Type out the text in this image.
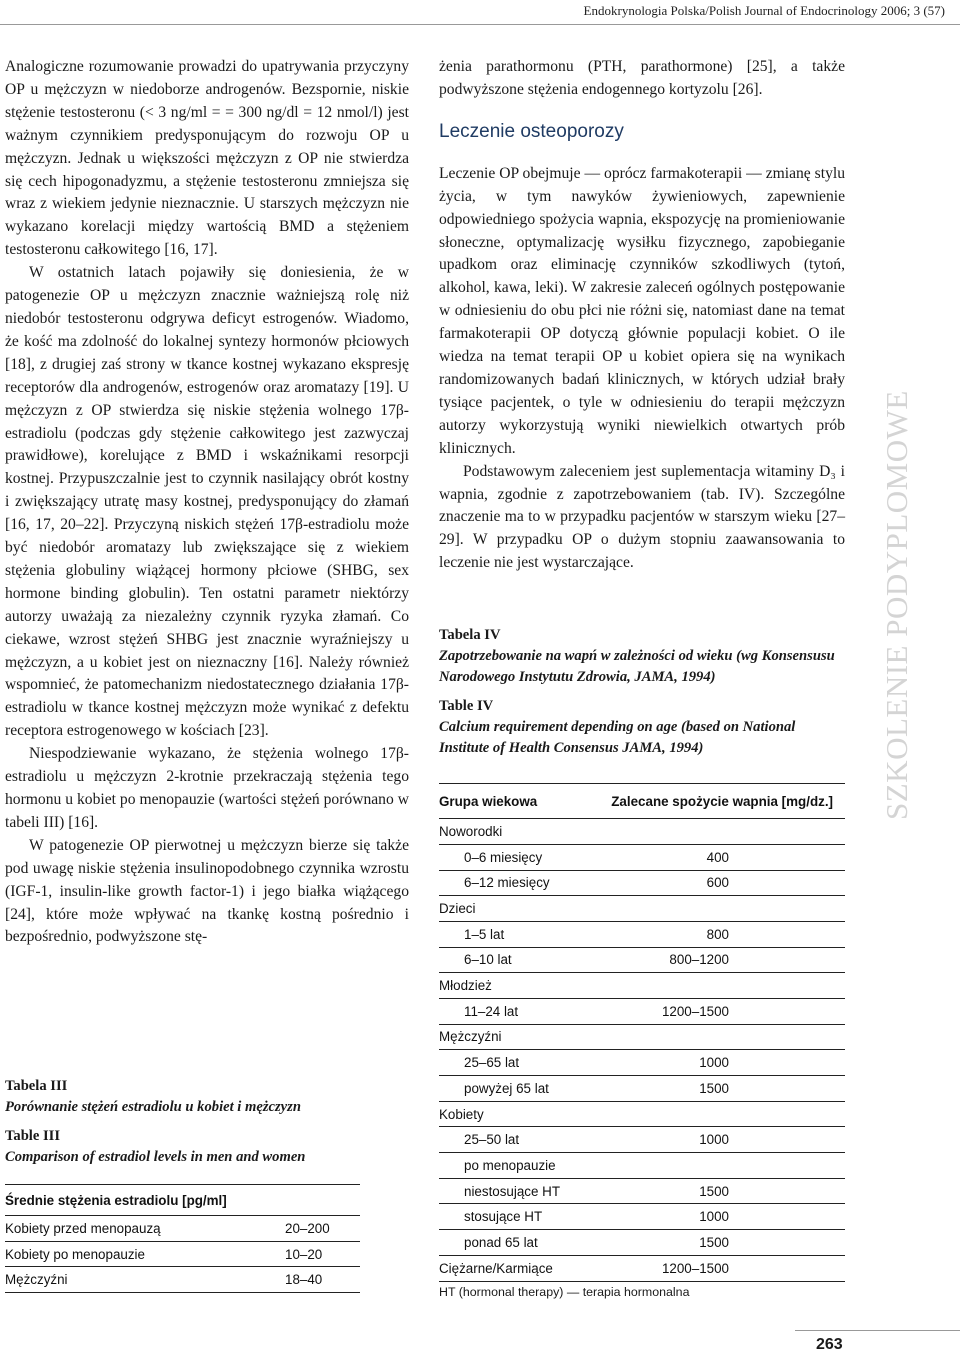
Endokrynologia Polska/Polish Journal of Endocrinology 2006; 3 (57)

Analogiczne rozumowanie prowadzi do upatrywania przyczyny OP u mężczyzn w niedoborze androgenów. Bezspornie, niskie stężenie testosteronu (< 3 ng/ml = = 300 ng/dl = 12 nmol/l) jest ważnym czynnikiem predysponującym do rozwoju OP u mężczyzn. Jednak u większości mężczyzn z OP nie stwierdza się cech hipogonadyzmu, a stężenie testosteronu zmniejsza się wraz z wiekiem jedynie nieznacznie. U starszych mężczyzn nie wykazano korelacji między wartością BMD a stężeniem testosteronu całkowitego [16, 17].

W ostatnich latach pojawiły się doniesienia, że w patogenezie OP u mężczyzn znacznie ważniejszą rolę niż niedobór testosteronu odgrywa deficyt estrogenów. Wiadomo, że kość ma zdolność do lokalnej syntezy hormonów płciowych [18], z drugiej zaś strony w tkance kostnej wykazano ekspresję receptorów dla androgenów, estrogenów oraz aromatazy [19]. U mężczyzn z OP stwierdza się niskie stężenia wolnego 17β-estradiolu (podczas gdy stężenie całkowitego jest zazwyczaj prawidłowe), korelujące z BMD i wskaźnikami resorpcji kostnej. Przypuszczalnie jest to czynnik nasilający obrót kostny i zwiększający utratę masy kostnej, predysponujący do złamań [16, 17, 20–22]. Przyczyną niskich stężeń 17β-estradiolu może być niedobór aromatazy lub zwiększające się z wiekiem stężenia globuliny wiążącej hormony płciowe (SHBG, sex hormone binding globulin). Ten ostatni parametr niektórzy autorzy uważają za niezależny czynnik ryzyka złamań. Co ciekawe, wzrost stężeń SHBG jest znacznie wyraźniejszy u mężczyzn, a u kobiet jest on nieznaczny [16]. Należy również wspomnieć, że patomechanizm niedostatecznego działania 17β-estradiolu w tkance kostnej mężczyzn może wynikać z defektu receptora estrogenowego w kościach [23].

Niespodziewanie wykazano, że stężenia wolnego 17β-estradiolu u mężczyzn 2-krotnie przekraczają stężenia tego hormonu u kobiet po menopauzie (wartości stężeń porównano w tabeli III) [16].

W patogenezie OP pierwotnej u mężczyzn bierze się także pod uwagę niskie stężenia insulinopodobnego czynnika wzrostu (IGF-1, insulin-like growth factor-1) i jego białka wiążącego [24], które może wpływać na tkankę kostną pośrednio i bezpośrednio, podwyższone stę-

Tabela III

Porównanie stężeń estradiolu u kobiet i mężczyzn

Table III

Comparison of estradiol levels in men and women

Średnie stężenia estradiolu [pg/ml]	
Kobiety przed menopauzą	20–200
Kobiety po menopauzie	10–20
Mężczyźni	18–40

żenia parathormonu (PTH, parathormone) [25], a także podwyższone stężenia endogennego kortyzolu [26].

Leczenie osteoporozy

Leczenie OP obejmuje — oprócz farmakoterapii — zmianę stylu życia, w tym nawyków żywieniowych, zapewnienie odpowiedniego spożycia wapnia, ekspozycję na promieniowanie słoneczne, optymalizację wysiłku fizycznego, zapobieganie upadkom oraz eliminację czynników szkodliwych (tytoń, alkohol, kawa, leki). W zakresie zaleceń ogólnych postępowanie w odniesieniu do obu płci nie różni się, natomiast dane na temat farmakoterapii OP dotyczą głównie populacji kobiet. O ile wiedza na temat terapii OP u kobiet opiera się na wynikach randomizowanych badań klinicznych, w których udział brały tysiące pacjentek, o tyle w odniesieniu do terapii mężczyzn autorzy wykorzystują wyniki niewielkich otwartych prób klinicznych.

Podstawowym zaleceniem jest suplementacja witaminy D₃ i wapnia, zgodnie z zapotrzebowaniem (tab. IV). Szczególne znaczenie ma to w przypadku pacjentów w starszym wieku [27–29]. W przypadku OP o dużym stopniu zaawansowania to leczenie nie jest wystarczające.

Tabela IV

Zapotrzebowanie na wapń w zależności od wieku (wg Konsensusu Narodowego Instytutu Zdrowia, JAMA, 1994)

Table IV

Calcium requirement depending on age (based on National Institute of Health Consensus JAMA, 1994)

Grupa wiekowa	Zalecane spożycie wapnia [mg/dz.]
Noworodki	
0–6 miesięcy	400
6–12 miesięcy	600
Dzieci	
1–5 lat	800
6–10 lat	800–1200
Młodzież	
11–24 lat	1200–1500
Mężczyźni	
25–65 lat	1000
powyżej 65 lat	1500
Kobiety	
25–50 lat	1000
po menopauzie	
niestosujące HT	1500
stosujące HT	1000
ponad 65 lat	1500
Ciężarne/Karmiące	1200–1500
HT (hormonal therapy) — terapia hormonalna
SZKOLENIE PODYPLOMOWE
263
